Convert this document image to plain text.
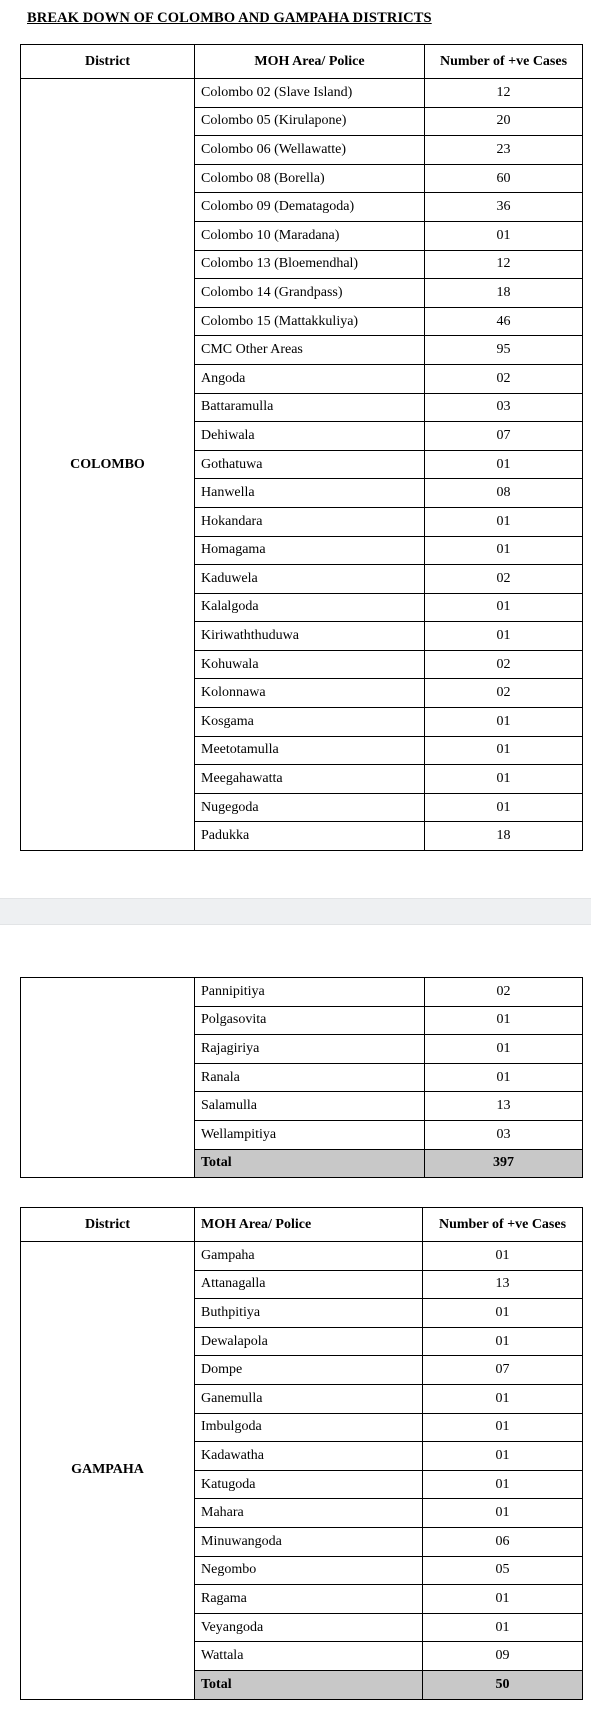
BREAK DOWN OF COLOMBO AND GAMPAHA DISTRICTS
District	MOH Area/ Police	Number of +ve Cases
COLOMBO	Colombo 02 (Slave Island)	12
	Colombo 05 (Kirulapone)	20
	Colombo 06 (Wellawatte)	23
	Colombo 08 (Borella)	60
	Colombo 09 (Dematagoda)	36
	Colombo 10 (Maradana)	01
	Colombo 13 (Bloemendhal)	12
	Colombo 14 (Grandpass)	18
	Colombo 15 (Mattakkuliya)	46
	CMC Other Areas	95
	Angoda	02
	Battaramulla	03
	Dehiwala	07
	Gothatuwa	01
	Hanwella	08
	Hokandara	01
	Homagama	01
	Kaduwela	02
	Kalalgoda	01
	Kiriwaththuduwa	01
	Kohuwala	02
	Kolonnawa	02
	Kosgama	01
	Meetotamulla	01
	Meegahawatta	01
	Nugegoda	01
	Padukka	18
	Pannipitiya	02
	Polgasovita	01
	Rajagiriya	01
	Ranala	01
	Salamulla	13
	Wellampitiya	03
	Total	397
District	MOH Area/ Police	Number of +ve Cases
GAMPAHA	Gampaha	01
	Attanagalla	13
	Buthpitiya	01
	Dewalapola	01
	Dompe	07
	Ganemulla	01
	Imbulgoda	01
	Kadawatha	01
	Katugoda	01
	Mahara	01
	Minuwangoda	06
	Negombo	05
	Ragama	01
	Veyangoda	01
	Wattala	09
	Total	50
